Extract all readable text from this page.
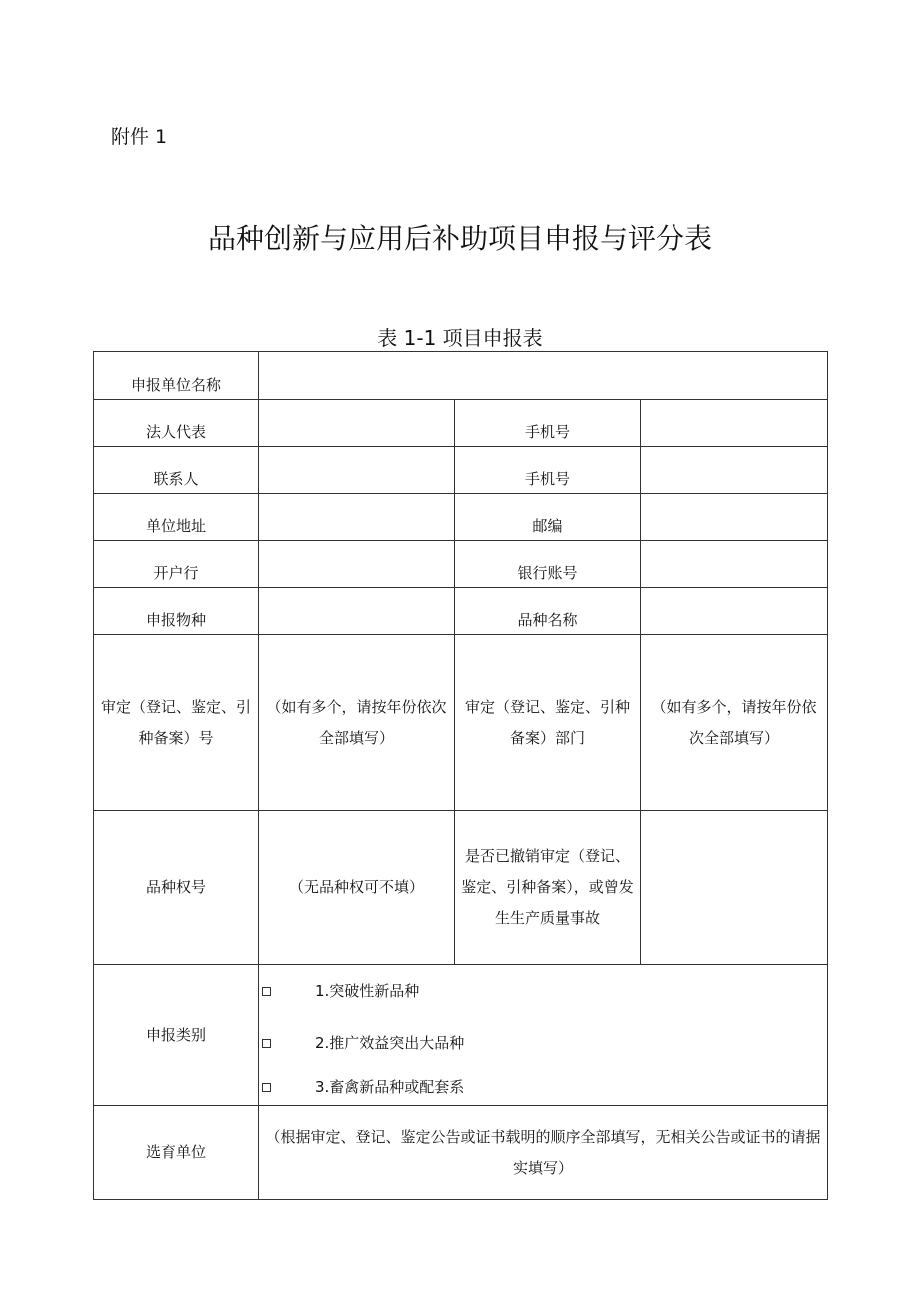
附件 1
品种创新与应用后补助项目申报与评分表
表 1-1 项目申报表
申报单位名称			
法人代表		手机号	
联系人		手机号	
单位地址		邮编	
开户行		银行账号	
申报物种		品种名称	
审定（登记、鉴定、引种备案）号	（如有多个，请按年份依次全部填写）	审定（登记、鉴定、引种备案）部门	（如有多个，请按年份依次全部填写）
品种权号	（无品种权可不填）	是否已撤销审定（登记、鉴定、引种备案），或曾发生生产质量事故	
申报类别	1.突破性新品种
2.推广效益突出大品种
3.畜禽新品种或配套系		

选育单位	（根据审定、登记、鉴定公告或证书载明的顺序全部填写，无相关公告或证书的请据实填写）		
